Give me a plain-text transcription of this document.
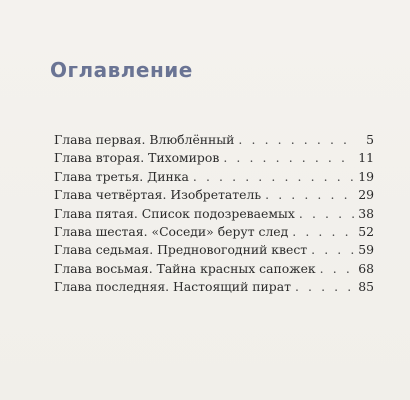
Оглавление
Глава первая. Влюблённый . . .	5
Глава вторая. Тихомиров . . .	11
Глава третья. Динка . . .	19
Глава четвёртая. Изобретатель . . .	29
Глава пятая. Список подозреваемых . . .	38
Глава шестая. «Соседи» берут след . . .	52
Глава седьмая. Предновогодний квест . . .	59
Глава восьмая. Тайна красных сапожек . . .	68
Глава последняя. Настоящий пират . . .	85
